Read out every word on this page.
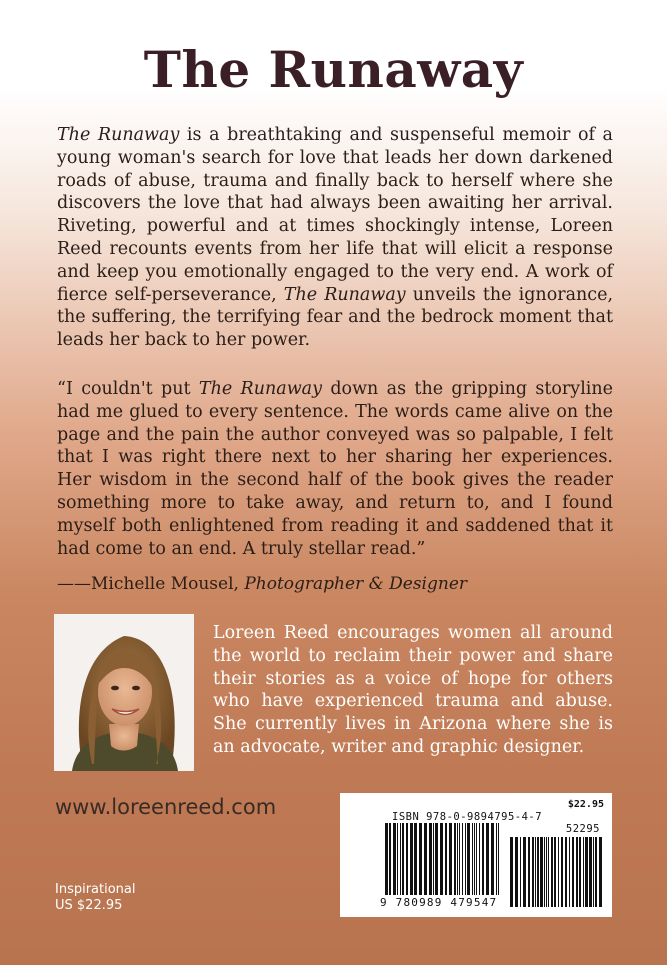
The Runaway

The Runaway is a breathtaking and suspenseful memoir of a young woman's search for love that leads her down darkened roads of abuse, trauma and finally back to herself where she discovers the love that had always been awaiting her arrival. Riveting, powerful and at times shockingly intense, Loreen Reed recounts events from her life that will elicit a response and keep you emotionally engaged to the very end. A work of fierce self-perseverance, The Runaway unveils the ignorance, the suffering, the terrifying fear and the bedrock moment that leads her back to her power.

“I couldn't put The Runaway down as the gripping storyline had me glued to every sentence. The words came alive on the page and the pain the author conveyed was so palpable, I felt that I was right there next to her sharing her experiences. Her wisdom in the second half of the book gives the reader something more to take away, and return to, and I found myself both enlightened from reading it and saddened that it had come to an end. A truly stellar read.”

——Michelle Mousel, Photographer & Designer

Loreen Reed encourages women all around the world to reclaim their power and share their stories as a voice of hope for others who have experienced trauma and abuse. She currently lives in Arizona where she is an advocate, writer and graphic designer.

www.loreenreed.com
Inspirational
US $22.95
$22.95
ISBN 978-0-9894795-4-7
52295
9 780989 479547
